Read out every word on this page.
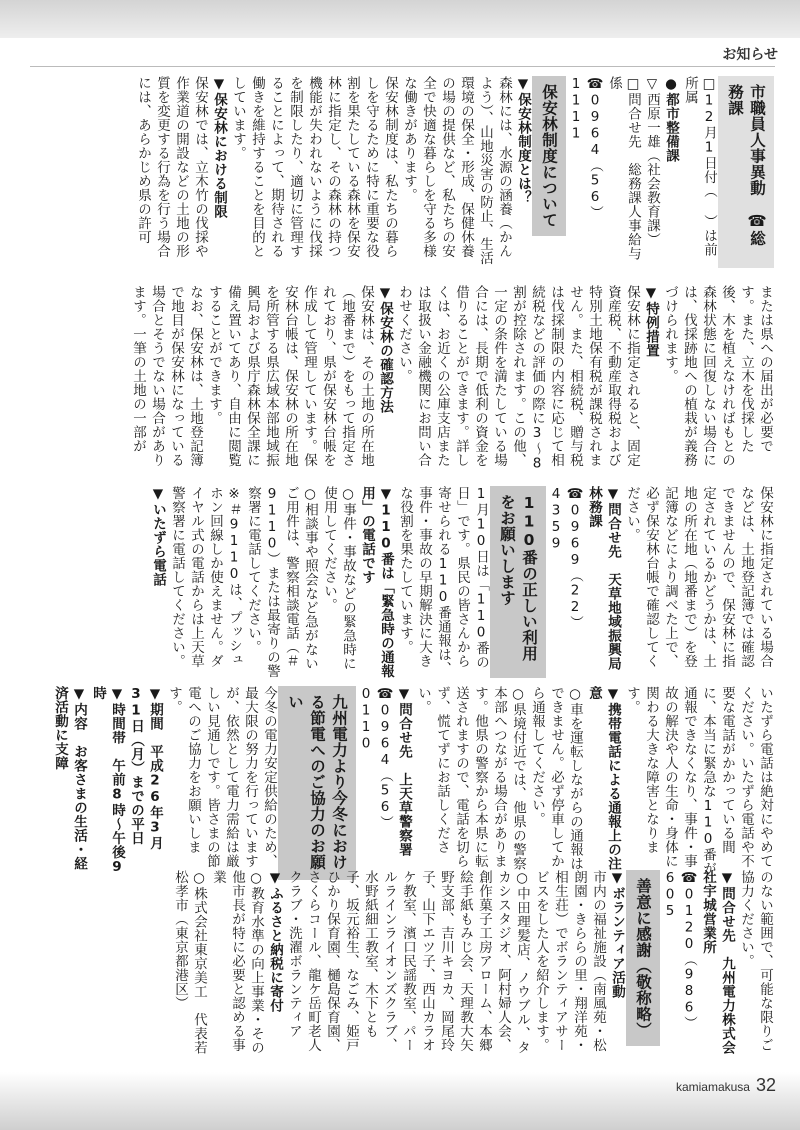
お知らせ

市職員人事異動　☎総務課

□12月1日付（ ）は前所属

●都市整備課

▽西原一雄（社会教育課）

□問合せ先　総務課人事給与係

☎0964（56）1111

保安林制度について

▼保安林制度とは？

森林には、水源の涵養（かんよう）、山地災害の防止、生活環境の保全・形成、保健休養の場の提供など、私たちの安全で快適な暮らしを守る多様な働きがあります。

保安林制度は、私たちの暮らしを守るために特に重要な役割を果たしている森林を保安林に指定し、その森林の持つ機能が失われないように伐採を制限したり、適切に管理することによって、期待される働きを維持することを目的としています。

▼保安林における制限

保安林では、立木竹の伐採や作業道の開設などの土地の形質を変更する行為を行う場合には、あらかじめ県の許可

または県への届出が必要です。また、立木を伐採した後、木を植えなければもとの森林状態に回復しない場合には、伐採跡地への植栽が義務づけられます。

▼特例措置

保安林に指定されると、固定資産税、不動産取得税および特別土地保有税が課税されません。また、相続税、贈与税は伐採制限の内容に応じて相続税などの評価の際に3～8割が控除されます。この他、一定の条件を満たしている場合には、長期で低利の資金を借りることができます。詳しくは、お近くの公庫支店または取扱い金融機関にお問い合わせください。

▼保安林の確認方法

保安林は、その土地の所在地（地番まで）をもって指定されており、県が保安林台帳を作成して管理しています。保安林台帳は、保安林の所在地を所管する県広域本部地域振興局および県庁森林保全課に備え置いてあり、自由に閲覧することができます。

なお、保安林は、土地登記簿で地目が保安林になっている場合とそうでない場合があります。一筆の土地の一部が

保安林に指定されている場合などは、土地登記簿では確認できませんので、保安林に指定されているかどうかは、土地の所在地（地番まで）を登記簿などにより調べた上で、必ず保安林台帳で確認してください。

▼問合せ先　天草地域振興局林務課

☎0969（22）4359

110番の正しい利用をお願いします

1月10日は「110番の日」です。県民の皆さんから寄せられる110番通報は、事件・事故の早期解決に大きな役割を果たしています。

▼110番は「緊急時の通報用」の電話です

○事件・事故などの緊急時に使用してください。

○相談事や照会など急がないご用件は、警察相談電話（＃9110）または最寄りの警察署に電話してください。

※＃9110は、プッシュホン回線しか使えません。ダイヤル式の電話からは上天草警察署に電話してください。

▼いたずら電話

いたずら電話は絶対にやめてください。いたずら電話や不要な電話がかかっている間に、本当に緊急な110番が通報できなくなり、事件・事故の解決や人の生命・身体に関わる大きな障害となります。

▼携帯電話による通報上の注意

○車を運転しながらの通報はできません。必ず停車してから通報してください。

○県境付近では、他県の警察本部へつながる場合があります。他県の警察から本県に転送されますので、電話を切らず、慌てずにお話しください。

▼問合せ先　上天草警察署

☎0964（56）0110

九州電力より今冬における節電へのご協力のお願い

今冬の電力安定供給のため、最大限の努力を行っていますが、依然として電力需給は厳しい見通しです。皆さまの節電へのご協力をお願いします。

▼期間　平成26年3月31日（月）までの平日

▼時間帯　午前8時～午後9時

▼内容　お客さまの生活・経済活動に支障

のない範囲で、可能な限りご協力ください。

▼問合せ先　九州電力株式会社宇城営業所

☎0120（986）605

善意に感謝（敬称略）

▼ボランティア活動

市内の福祉施設（南風苑・松朗園・きららの里・翔洋苑・相生荘）でボランティアサービスをした人を紹介します。

○中田理髪店、ノウブル、タカシスタジオ、阿村婦人会、創作菓子工房アローム、本郷絵手紙もみじ会、天理教大矢野支部、吉川キヨカ、岡尾玲子、山下エツ子、西山カラオケ教室、濱口民謡教室、パールラインライオンズクラブ、水野紙細工教室、木下とも子、坂元裕生、なごみ、姫戸ひかり保育園、樋島保育園、さくらコール、龍ケ岳町老人クラブ・洗濯ボランティア

▼ふるさと納税に寄付

○教育水準の向上事業・その他市長が特に必要と認める事業

○株式会社東京美工　代表若松孝市（東京都港区）

kamiamakusa 32
